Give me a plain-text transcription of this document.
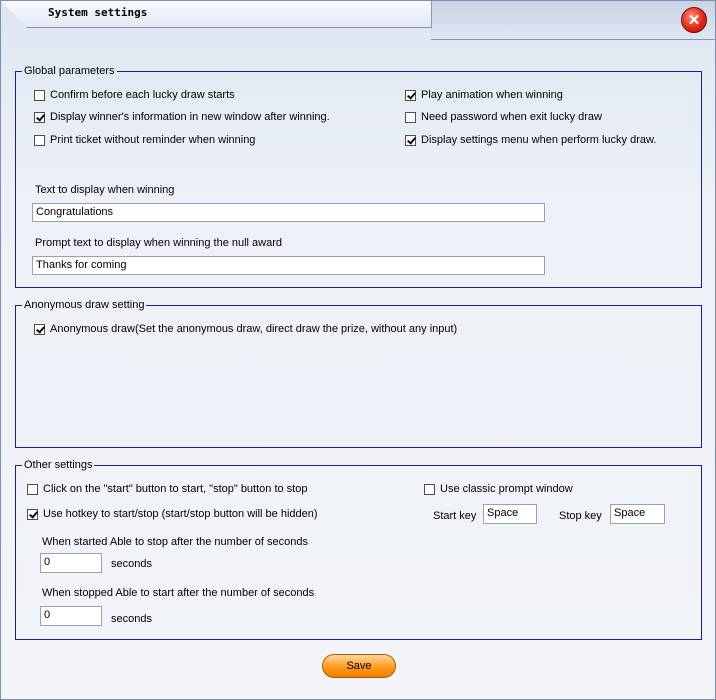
System settings	✕
Global parameters
Confirm before each lucky draw starts
Display winner's information in new window after winning.
Print ticket without reminder when winning
Play animation when winning
Need password when exit lucky draw
Display settings menu when perform lucky draw.
Text to display when winning
Congratulations
Prompt text to display when winning the null award
Thanks for coming
Anonymous draw setting
Anonymous draw(Set the anonymous draw, direct draw the prize, without any input)
Other settings
Click on the "start" button to start, "stop" button to stop
Use hotkey to start/stop (start/stop button will be hidden)
Use classic prompt window
Start key Space	Stop key	Space
When started Able to stop after the number of seconds
0	seconds
When stopped Able to start after the number of seconds
0	seconds
Save
